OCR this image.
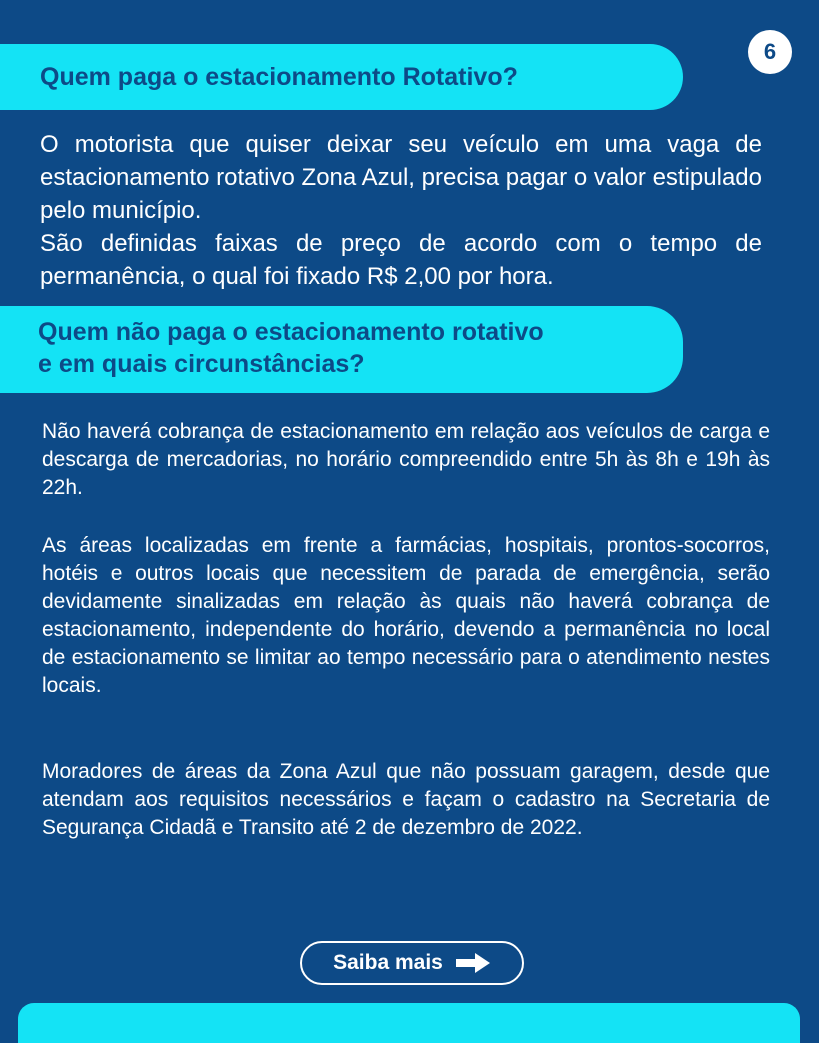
6
Quem paga o estacionamento Rotativo?
O motorista que quiser deixar seu veículo em uma vaga de estacionamento rotativo Zona Azul, precisa pagar o valor estipulado pelo município.
São definidas faixas de preço de acordo com o tempo de permanência, o qual foi fixado R$ 2,00 por hora.
Quem não paga o estacionamento rotativo
e em quais circunstâncias?

Não haverá cobrança de estacionamento em relação aos veículos de carga e descarga de mercadorias, no horário compreendido entre 5h às 8h e 19h às 22h.

As áreas localizadas em frente a farmácias, hospitais, prontos-socorros, hotéis e outros locais que necessitem de parada de emergência, serão devidamente sinalizadas em relação às quais não haverá cobrança de estacionamento, independente do horário, devendo a permanência no local de estacionamento se limitar ao tempo necessário para o atendimento nestes locais.

Moradores de áreas da Zona Azul que não possuam garagem, desde que atendam aos requisitos necessários e façam o cadastro na Secretaria de Segurança Cidadã e Transito até 2 de dezembro de 2022.

Saiba mais
